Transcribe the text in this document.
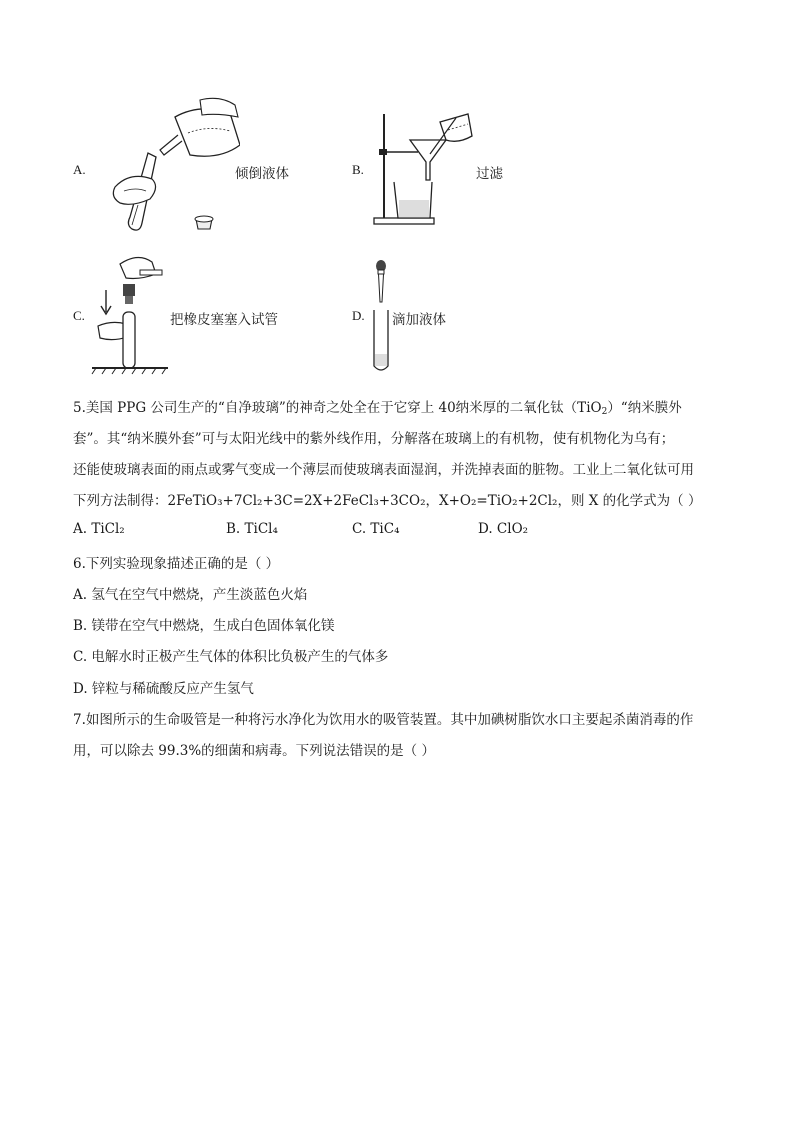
A.	倾倒液体	B.	过滤
C.	把橡皮塞塞入试管	D. 滴加液体
5.美国 PPG 公司生产的“自净玻璃”的神奇之处全在于它穿上 40纳米厚的二氧化钛（TiO$_2$）“纳米膜外
套”。其“纳米膜外套”可与太阳光线中的紫外线作用，分解落在玻璃上的有机物，使有机物化为乌有；
还能使玻璃表面的雨点或雾气变成一个薄层而使玻璃表面湿润，并洗掉表面的脏物。工业上二氧化钛可用
下列方法制得：2FeTiO₃+7Cl₂+3C=2X+2FeCl₃+3CO₂，X+O₂=TiO₂+2Cl₂，则 X 的化学式为（ ）
A. TiCl₂	B. TiCl₄	C. TiC₄	D. ClO₂
6.下列实验现象描述正确的是（ ）
A. 氢气在空气中燃烧，产生淡蓝色火焰
B. 镁带在空气中燃烧，生成白色固体氧化镁
C. 电解水时正极产生气体的体积比负极产生的气体多
D. 锌粒与稀硫酸反应产生氢气
7.如图所示的生命吸管是一种将污水净化为饮用水的吸管装置。其中加碘树脂饮水口主要起杀菌消毒的作
用，可以除去 99.3%的细菌和病毒。下列说法错误的是（ ）
